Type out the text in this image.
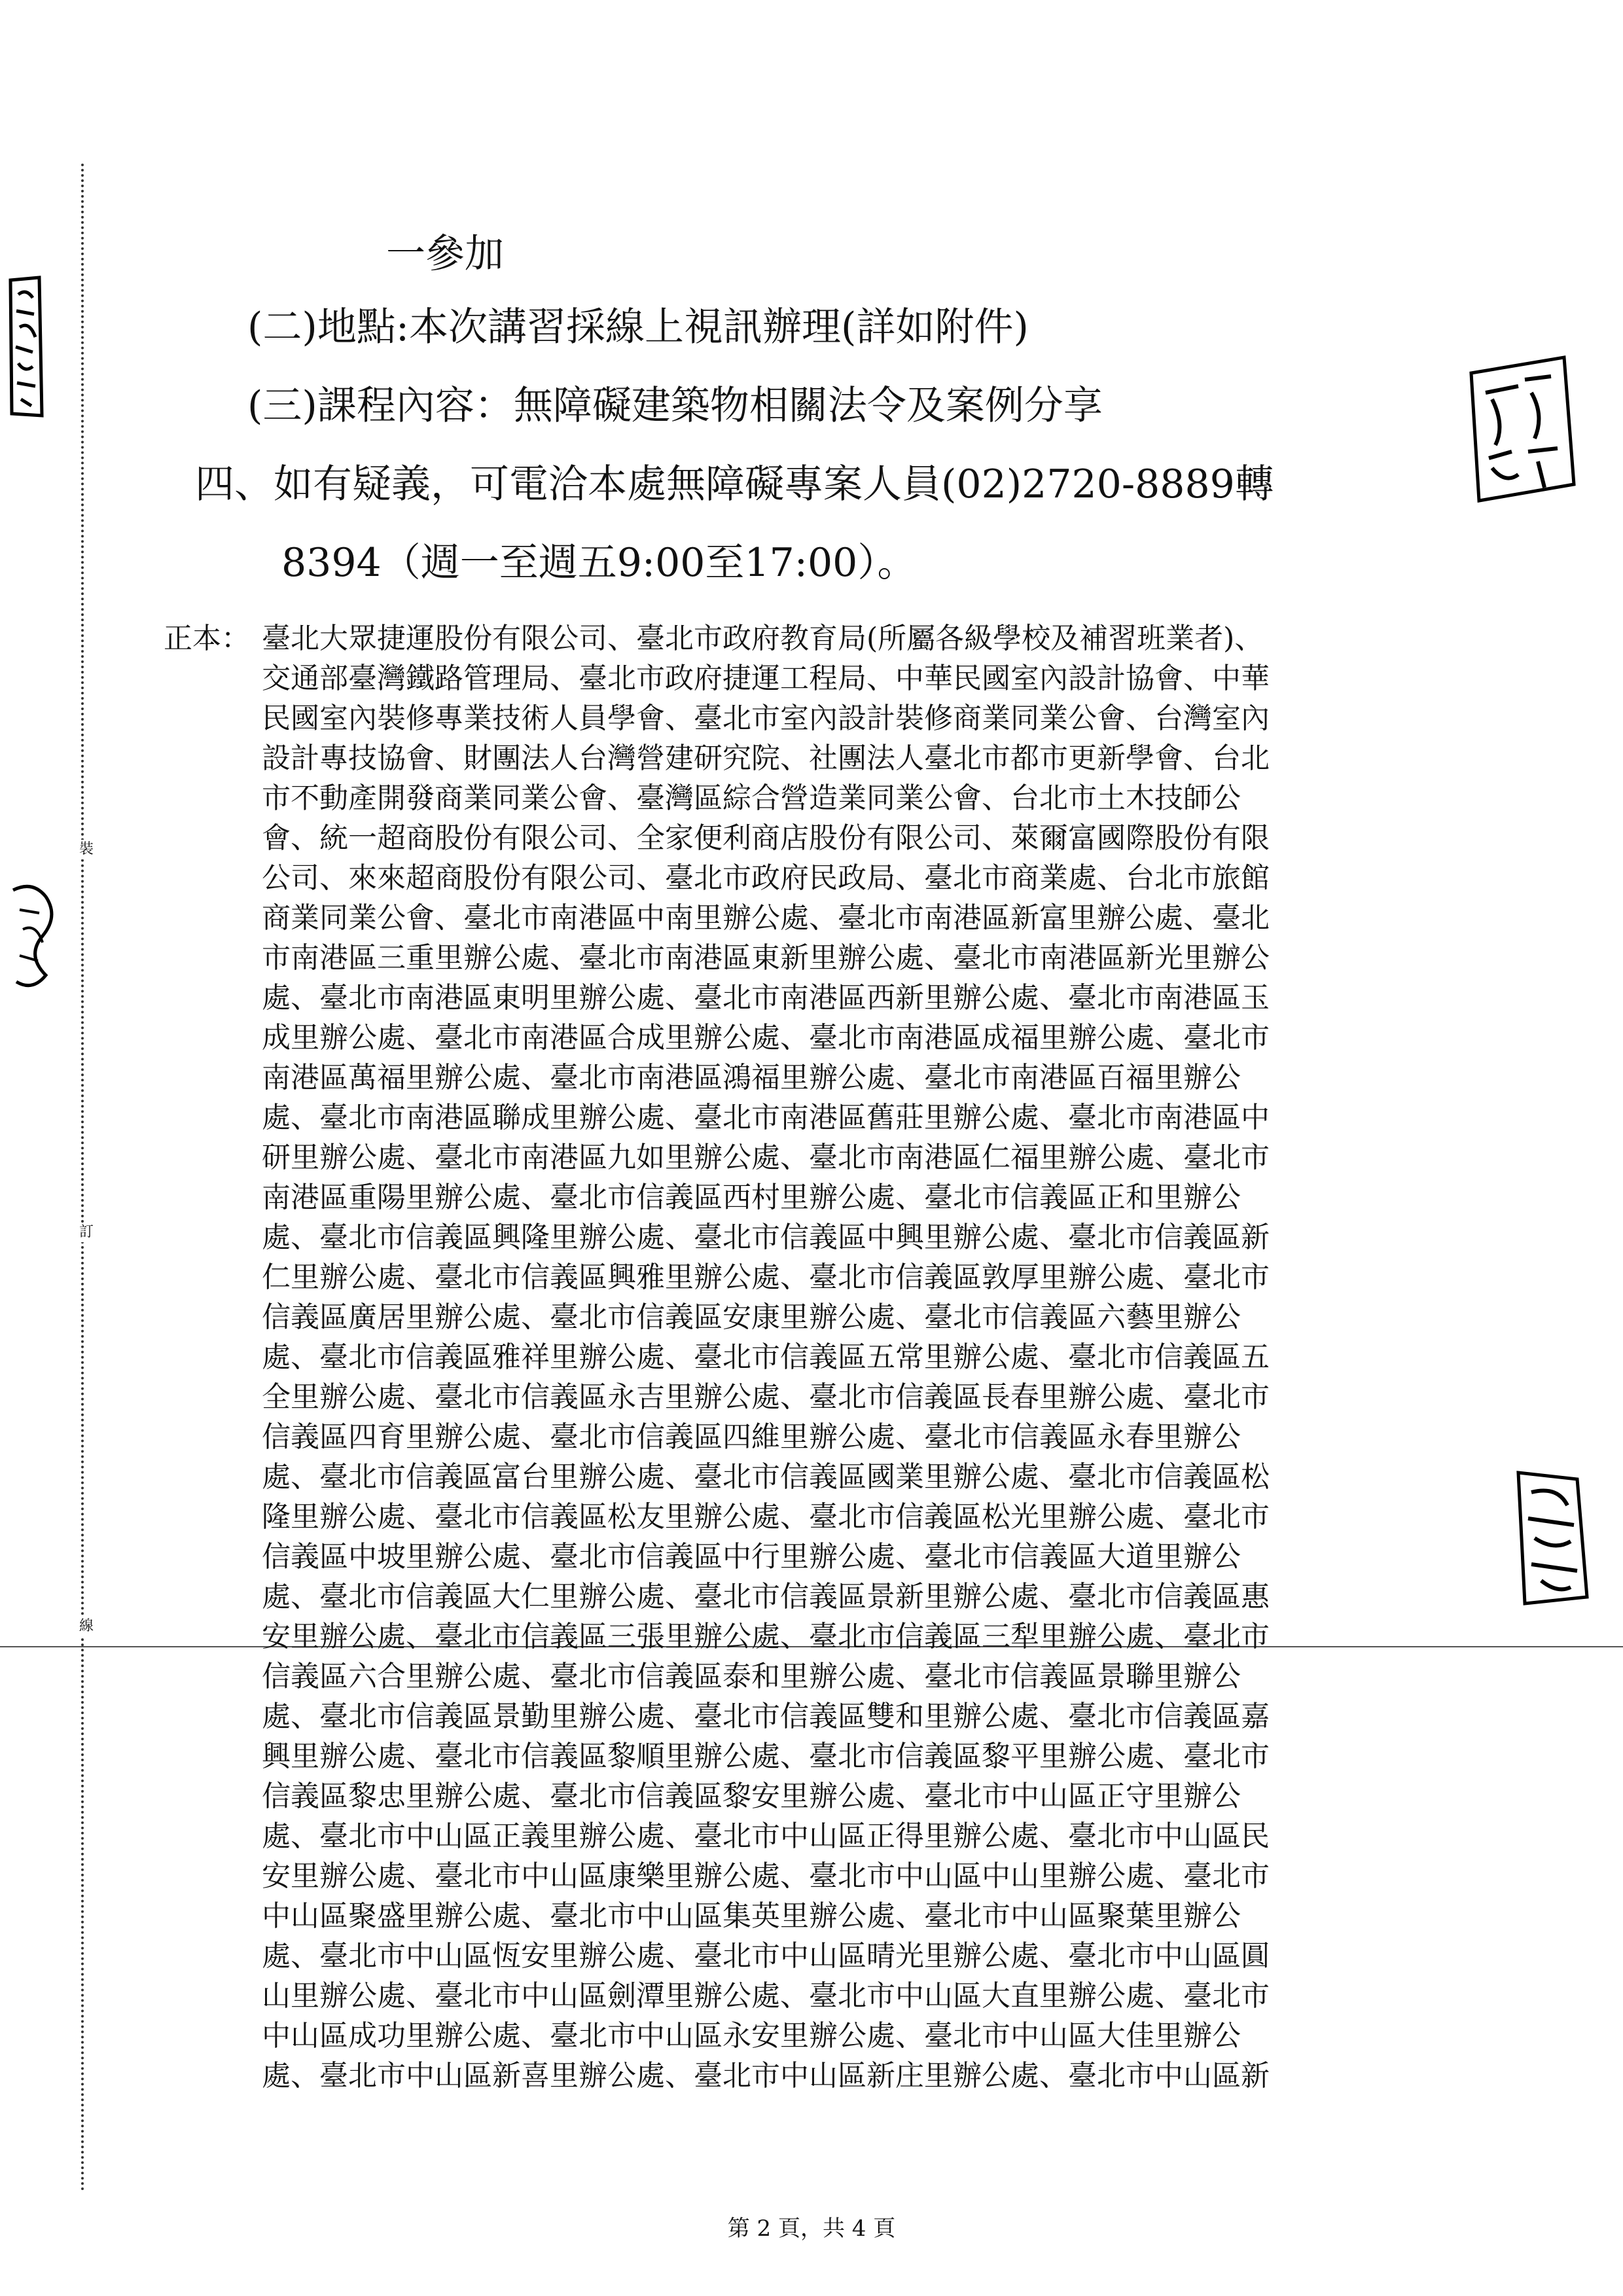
裝
訂
線
一參加
(二)地點:本次講習採線上視訊辦理(詳如附件)
(三)課程內容：無障礙建築物相關法令及案例分享
四、如有疑義，可電洽本處無障礙專案人員(02)2720-8889轉
8394（週一至週五9:00至17:00）。
正本： 臺北大眾捷運股份有限公司、臺北市政府教育局(所屬各級學校及補習班業者)、
交通部臺灣鐵路管理局、臺北市政府捷運工程局、中華民國室內設計協會、中華
民國室內裝修專業技術人員學會、臺北市室內設計裝修商業同業公會、台灣室內
設計專技協會、財團法人台灣營建研究院、社團法人臺北市都市更新學會、台北
市不動產開發商業同業公會、臺灣區綜合營造業同業公會、台北市土木技師公
會、統一超商股份有限公司、全家便利商店股份有限公司、萊爾富國際股份有限
公司、來來超商股份有限公司、臺北市政府民政局、臺北市商業處、台北市旅館
商業同業公會、臺北市南港區中南里辦公處、臺北市南港區新富里辦公處、臺北
市南港區三重里辦公處、臺北市南港區東新里辦公處、臺北市南港區新光里辦公
處、臺北市南港區東明里辦公處、臺北市南港區西新里辦公處、臺北市南港區玉
成里辦公處、臺北市南港區合成里辦公處、臺北市南港區成福里辦公處、臺北市
南港區萬福里辦公處、臺北市南港區鴻福里辦公處、臺北市南港區百福里辦公
處、臺北市南港區聯成里辦公處、臺北市南港區舊莊里辦公處、臺北市南港區中
研里辦公處、臺北市南港區九如里辦公處、臺北市南港區仁福里辦公處、臺北市
南港區重陽里辦公處、臺北市信義區西村里辦公處、臺北市信義區正和里辦公
處、臺北市信義區興隆里辦公處、臺北市信義區中興里辦公處、臺北市信義區新
仁里辦公處、臺北市信義區興雅里辦公處、臺北市信義區敦厚里辦公處、臺北市
信義區廣居里辦公處、臺北市信義區安康里辦公處、臺北市信義區六藝里辦公
處、臺北市信義區雅祥里辦公處、臺北市信義區五常里辦公處、臺北市信義區五
全里辦公處、臺北市信義區永吉里辦公處、臺北市信義區長春里辦公處、臺北市
信義區四育里辦公處、臺北市信義區四維里辦公處、臺北市信義區永春里辦公
處、臺北市信義區富台里辦公處、臺北市信義區國業里辦公處、臺北市信義區松
隆里辦公處、臺北市信義區松友里辦公處、臺北市信義區松光里辦公處、臺北市
信義區中坡里辦公處、臺北市信義區中行里辦公處、臺北市信義區大道里辦公
處、臺北市信義區大仁里辦公處、臺北市信義區景新里辦公處、臺北市信義區惠
安里辦公處、臺北市信義區三張里辦公處、臺北市信義區三犁里辦公處、臺北市
信義區六合里辦公處、臺北市信義區泰和里辦公處、臺北市信義區景聯里辦公
處、臺北市信義區景勤里辦公處、臺北市信義區雙和里辦公處、臺北市信義區嘉
興里辦公處、臺北市信義區黎順里辦公處、臺北市信義區黎平里辦公處、臺北市
信義區黎忠里辦公處、臺北市信義區黎安里辦公處、臺北市中山區正守里辦公
處、臺北市中山區正義里辦公處、臺北市中山區正得里辦公處、臺北市中山區民
安里辦公處、臺北市中山區康樂里辦公處、臺北市中山區中山里辦公處、臺北市
中山區聚盛里辦公處、臺北市中山區集英里辦公處、臺北市中山區聚葉里辦公
處、臺北市中山區恆安里辦公處、臺北市中山區晴光里辦公處、臺北市中山區圓
山里辦公處、臺北市中山區劍潭里辦公處、臺北市中山區大直里辦公處、臺北市
中山區成功里辦公處、臺北市中山區永安里辦公處、臺北市中山區大佳里辦公
處、臺北市中山區新喜里辦公處、臺北市中山區新庄里辦公處、臺北市中山區新
第 2 頁，共 4 頁
